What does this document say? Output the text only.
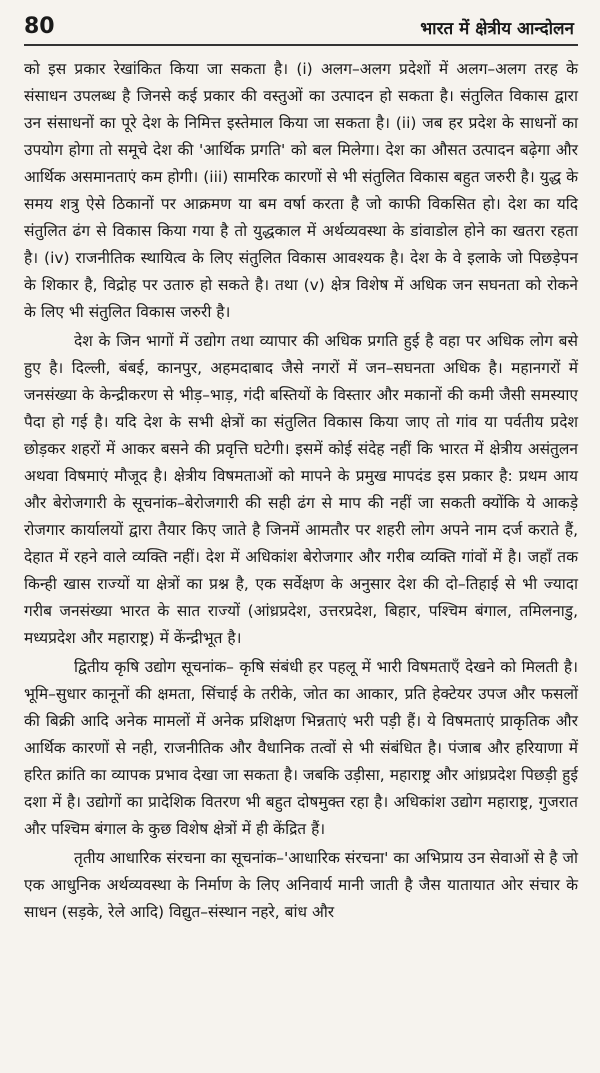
80	भारत में क्षेत्रीय आन्दोलन

को इस प्रकार रेखांकित किया जा सकता है। (i) अलग–अलग प्रदेशों में अलग–अलग तरह के संसाधन उपलब्ध है जिनसे कई प्रकार की वस्तुओं का उत्पादन हो सकता है। संतुलित विकास द्वारा उन संसाधनों का पूरे देश के निमित्त इस्तेमाल किया जा सकता है। (ii) जब हर प्रदेश के साधनों का उपयोग होगा तो समूचे देश की 'आर्थिक प्रगति' को बल मिलेगा। देश का औसत उत्पादन बढ़ेगा और आर्थिक असमानताएं कम होगी। (iii) सामरिक कारणों से भी संतुलित विकास बहुत जरुरी है। युद्ध के समय शत्रु ऐसे ठिकानों पर आक्रमण या बम वर्षा करता है जो काफी विकसित हो। देश का यदि संतुलित ढंग से विकास किया गया है तो युद्धकाल में अर्थव्यवस्था के डांवाडोल होने का खतरा रहता है। (iv) राजनीतिक स्थायित्व के लिए संतुलित विकास आवश्यक है। देश के वे इलाके जो पिछड़ेपन के शिकार है, विद्रोह पर उतारु हो सकते है। तथा (v) क्षेत्र विशेष में अधिक जन सघनता को रोकने के लिए भी संतुलित विकास जरुरी है।

देश के जिन भागों में उद्योग तथा व्यापार की अधिक प्रगति हुई है वहा पर अधिक लोग बसे हुए है। दिल्ली, बंबई, कानपुर, अहमदाबाद जैसे नगरों में जन–सघनता अधिक है। महानगरों में जनसंख्या के केन्द्रीकरण से भीड़–भाड़, गंदी बस्तियों के विस्तार और मकानों की कमी जैसी समस्याए पैदा हो गई है। यदि देश के सभी क्षेत्रों का संतुलित विकास किया जाए तो गांव या पर्वतीय प्रदेश छोड़कर शहरों में आकर बसने की प्रवृत्ति घटेगी। इसमें कोई संदेह नहीं कि भारत में क्षेत्रीय असंतुलन अथवा विषमाएं मौजूद है। क्षेत्रीय विषमताओं को मापने के प्रमुख मापदंड इस प्रकार है: प्रथम आय और बेरोजगारी के सूचनांक–बेरोजगारी की सही ढंग से माप की नहीं जा सकती क्योंकि ये आकड़े रोजगार कार्यालयों द्वारा तैयार किए जाते है जिनमें आमतौर पर शहरी लोग अपने नाम दर्ज कराते हैं, देहात में रहने वाले व्यक्ति नहीं। देश में अधिकांश बेरोजगार और गरीब व्यक्ति गांवों में है। जहाँ तक किन्ही खास राज्यों या क्षेत्रों का प्रश्न है, एक सर्वेक्षण के अनुसार देश की दो–तिहाई से भी ज्यादा गरीब जनसंख्या भारत के सात राज्यों (आंध्रप्रदेश, उत्तरप्रदेश, बिहार, पश्चिम बंगाल, तमिलनाडु, मध्यप्रदेश और महाराष्ट्र) में केंन्द्रीभूत है।

द्वितीय कृषि उद्योग सूचनांक– कृषि संबंधी हर पहलू में भारी विषमताएँ देखने को मिलती है। भूमि–सुधार कानूनों की क्षमता, सिंचाई के तरीके, जोत का आकार, प्रति हेक्टेयर उपज और फसलों की बिक्री आदि अनेक मामलों में अनेक प्रशिक्षण भिन्नताएं भरी पड़ी हैं। ये विषमताएं प्राकृतिक और आर्थिक कारणों से नही, राजनीतिक और वैधानिक तत्वों से भी संबंधित है। पंजाब और हरियाणा में हरित क्रांति का व्यापक प्रभाव देखा जा सकता है। जबकि उड़ीसा, महाराष्ट्र और आंध्रप्रदेश पिछड़ी हुई दशा में है। उद्योगों का प्रादेशिक वितरण भी बहुत दोषमुक्त रहा है। अधिकांश उद्योग महाराष्ट्र, गुजरात और पश्चिम बंगाल के कुछ विशेष क्षेत्रों में ही केंद्रित हैं।

तृतीय आधारिक संरचना का सूचनांक–'आधारिक संरचना' का अभिप्राय उन सेवाओं से है जो एक आधुनिक अर्थव्यवस्था के निर्माण के लिए अनिवार्य मानी जाती है जैस यातायात ओर संचार के साधन (सड़के, रेले आदि) विद्युत–संस्थान नहरे, बांध और
